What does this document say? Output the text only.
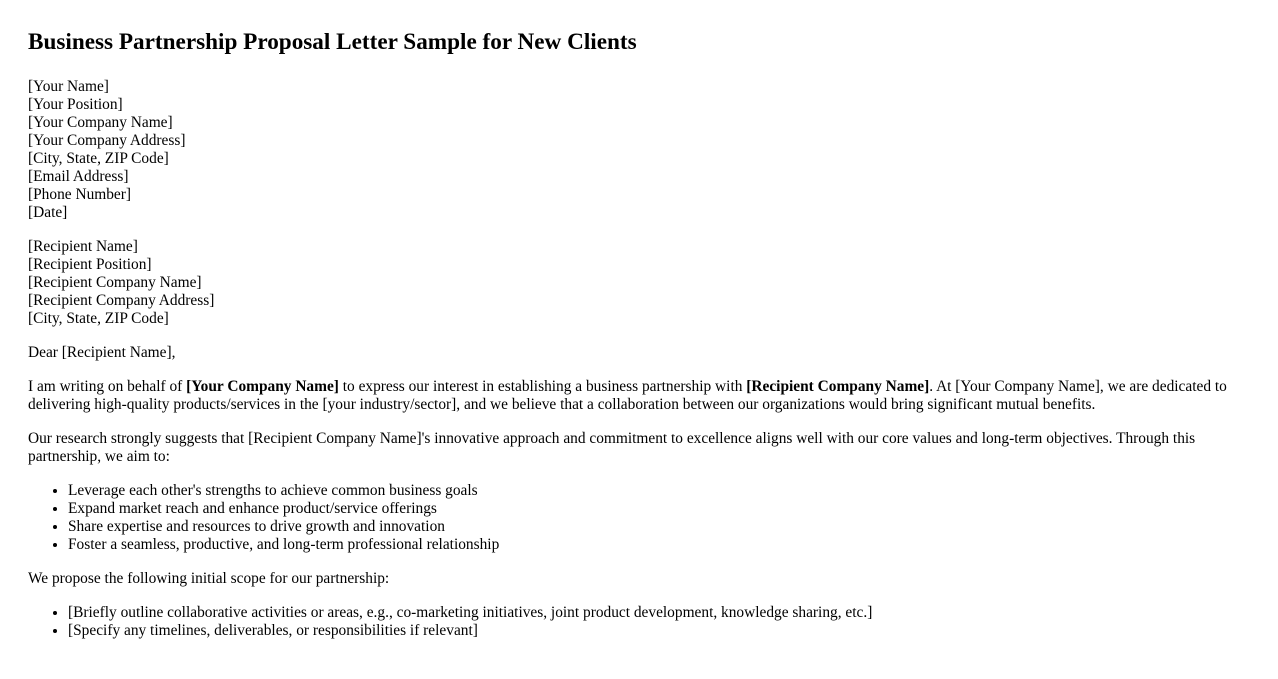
Business Partnership Proposal Letter Sample for New Clients
[Your Name]
[Your Position]
[Your Company Name]
[Your Company Address]
[City, State, ZIP Code]
[Email Address]
[Phone Number]
[Date]
[Recipient Name]
[Recipient Position]
[Recipient Company Name]
[Recipient Company Address]
[City, State, ZIP Code]

Dear [Recipient Name],

I am writing on behalf of [Your Company Name] to express our interest in establishing a business partnership with [Recipient Company Name]. At [Your Company Name], we are dedicated to delivering high-quality products/services in the [your industry/sector], and we believe that a collaboration between our organizations would bring significant mutual benefits.

Our research strongly suggests that [Recipient Company Name]'s innovative approach and commitment to excellence aligns well with our core values and long-term objectives. Through this partnership, we aim to:

• Leverage each other's strengths to achieve common business goals
• Expand market reach and enhance product/service offerings
• Share expertise and resources to drive growth and innovation
• Foster a seamless, productive, and long-term professional relationship

We propose the following initial scope for our partnership:

• [Briefly outline collaborative activities or areas, e.g., co-marketing initiatives, joint product development, knowledge sharing, etc.]
• [Specify any timelines, deliverables, or responsibilities if relevant]
